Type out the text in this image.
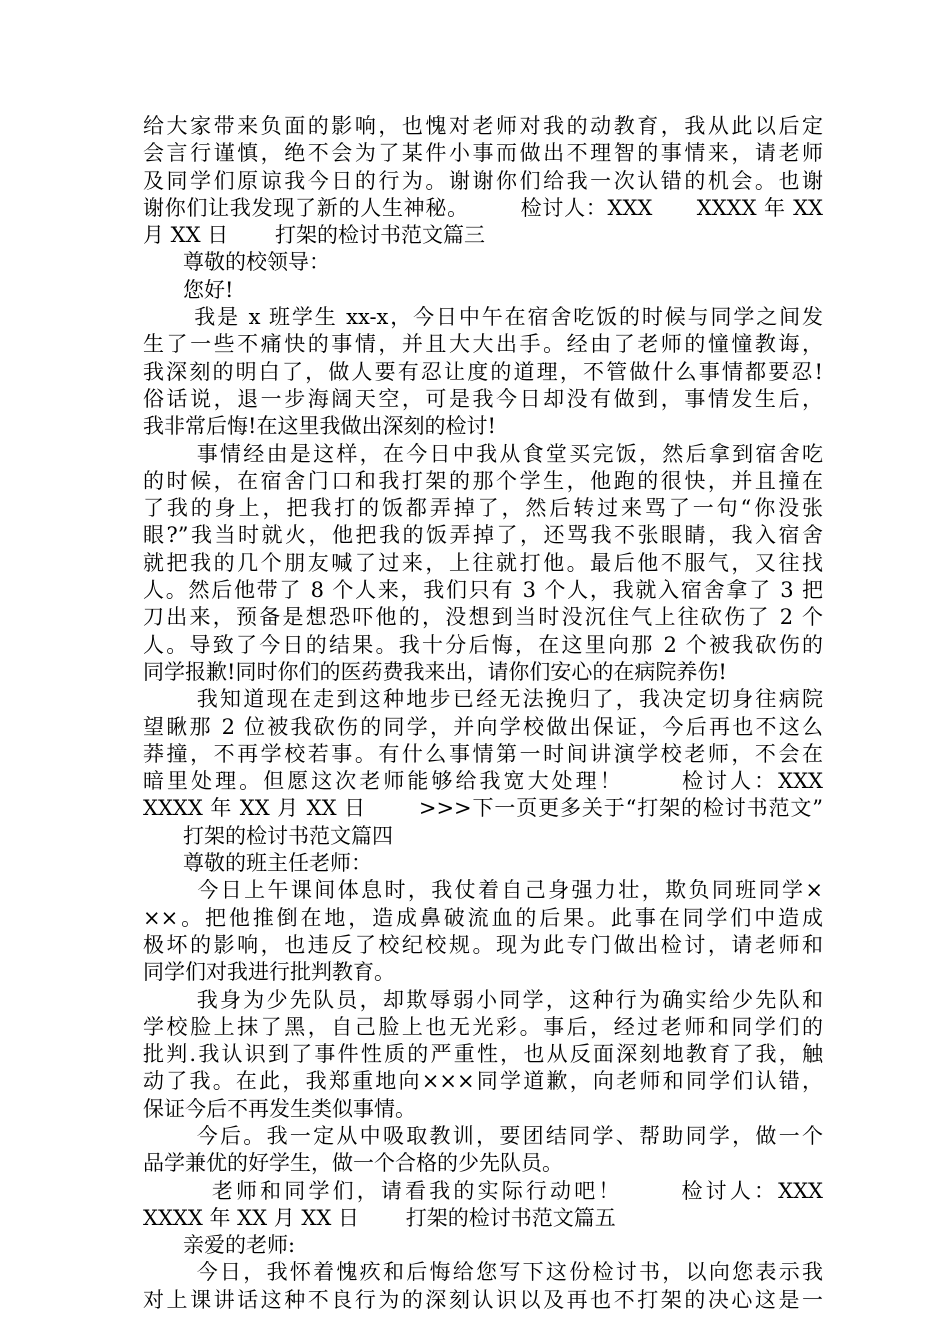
给大家带来负面的影响，也愧对老师对我的动教育，我从此以后定
会言行谨慎，绝不会为了某件小事而做出不理智的事情来，请老师
及同学们原谅我今日的行为。谢谢你们给我一次认错的机会。也谢
谢你们让我发现了新的人生神秘。       检讨人：XXX      XXXX 年 XX
月 XX 日       打架的检讨书范文篇三
尊敬的校领导：
您好!
我是 x 班学生 xx-x，今日中午在宿舍吃饭的时候与同学之间发
生了一些不痛快的事情，并且大大出手。经由了老师的憧憧教诲，
我深刻的明白了，做人要有忍让度的道理，不管做什么事情都要忍!
俗话说，退一步海阔天空，可是我今日却没有做到，事情发生后，
我非常后悔!在这里我做出深刻的检讨!
事情经由是这样，在今日中我从食堂买完饭，然后拿到宿舍吃
的时候，在宿舍门口和我打架的那个学生，他跑的很快，并且撞在
了我的身上，把我打的饭都弄掉了，然后转过来骂了一句“你没张
眼?”我当时就火，他把我的饭弄掉了，还骂我不张眼睛，我入宿舍
就把我的几个朋友喊了过来，上往就打他。最后他不服气，又往找
人。然后他带了 8 个人来，我们只有 3 个人，我就入宿舍拿了 3 把
刀出来，预备是想恐吓他的，没想到当时没沉住气上往砍伤了 2 个
人。导致了今日的结果。我十分后悔，在这里向那 2 个被我砍伤的
同学报歉!同时你们的医药费我来出，请你们安心的在病院养伤!
我知道现在走到这种地步已经无法挽归了，我决定切身往病院
望瞅那 2 位被我砍伤的同学，并向学校做出保证，今后再也不这么
莽撞，不再学校若事。有什么事情第一时间讲演学校老师，不会在
暗里处理。但愿这次老师能够给我宽大处理！      检讨人：XXX
XXXX 年 XX 月 XX 日       >>>下一页更多关于“打架的检讨书范文”
打架的检讨书范文篇四
尊敬的班主任老师：
今日上午课间体息时，我仗着自己身强力壮，欺负同班同学×
××。把他推倒在地，造成鼻破流血的后果。此事在同学们中造成
极坏的影响，也违反了校纪校规。现为此专门做出检讨，请老师和
同学们对我进行批判教育。
我身为少先队员，却欺辱弱小同学，这种行为确实给少先队和
学校脸上抹了黑，自己脸上也无光彩。事后，经过老师和同学们的
批判.我认识到了事件性质的严重性，也从反面深刻地教育了我，触
动了我。在此，我郑重地向×××同学道歉，向老师和同学们认错，
保证今后不再发生类似事情。
今后。我一定从中吸取教训，要团结同学、帮助同学，做一个
品学兼优的好学生，做一个合格的少先队员。
老师和同学们，请看我的实际行动吧！      检讨人：XXX
XXXX 年 XX 月 XX 日       打架的检讨书范文篇五
亲爱的老师:
今日，我怀着愧疚和后悔给您写下这份检讨书，以向您表示我
对上课讲话这种不良行为的深刻认识以及再也不打架的决心这是一
